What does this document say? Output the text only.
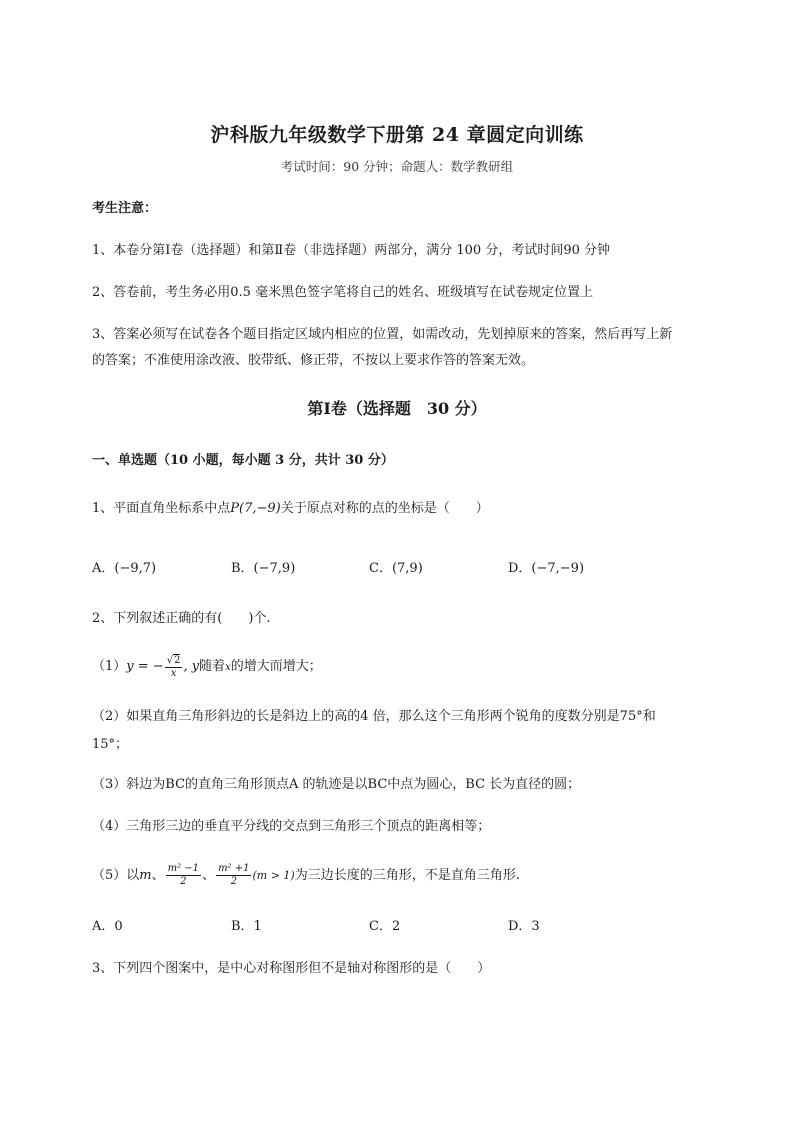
沪科版九年级数学下册第 24 章圆定向训练
考试时间：90 分钟；命题人：数学教研组
考生注意：
1、本卷分第Ⅰ卷（选择题）和第Ⅱ卷（非选择题）两部分，满分 100 分，考试时间90 分钟
2、答卷前，考生务必用0.5 毫米黑色签字笔将自己的姓名、班级填写在试卷规定位置上
3、答案必须写在试卷各个题目指定区域内相应的位置，如需改动，先划掉原来的答案，然后再写上新
的答案；不准使用涂改液、胶带纸、修正带，不按以上要求作答的答案无效。
第Ⅰ卷（选择题　30 分）
一、单选题（10 小题，每小题 3 分，共计 30 分）
1、平面直角坐标系中点P(7,−9)关于原点对称的点的坐标是（　　）
A．(−9,7)	B．(−7,9)	C．(7,9)	D．(−7,−9)
2、下列叙述正确的有(　　)个.
（1）y = − $\frac{√2}{x}$ , y随着x的增大而增大；
（2）如果直角三角形斜边的长是斜边上的高的4 倍，那么这个三角形两个锐角的度数分别是75°和
15°；
（3）斜边为BC的直角三角形顶点A 的轨迹是以BC中点为圆心，BC 长为直径的圆；
（4）三角形三边的垂直平分线的交点到三角形三个顶点的距离相等；
（5）以m、 $\frac{\text{m² −1}}{2}$ 、 $\frac{\text{m² +1}}{2} (m > 1)$为三边长度的三角形，不是直角三角形.
A．0	B．1	C．2	D．3
3、下列四个图案中，是中心对称图形但不是轴对称图形的是（　　）
